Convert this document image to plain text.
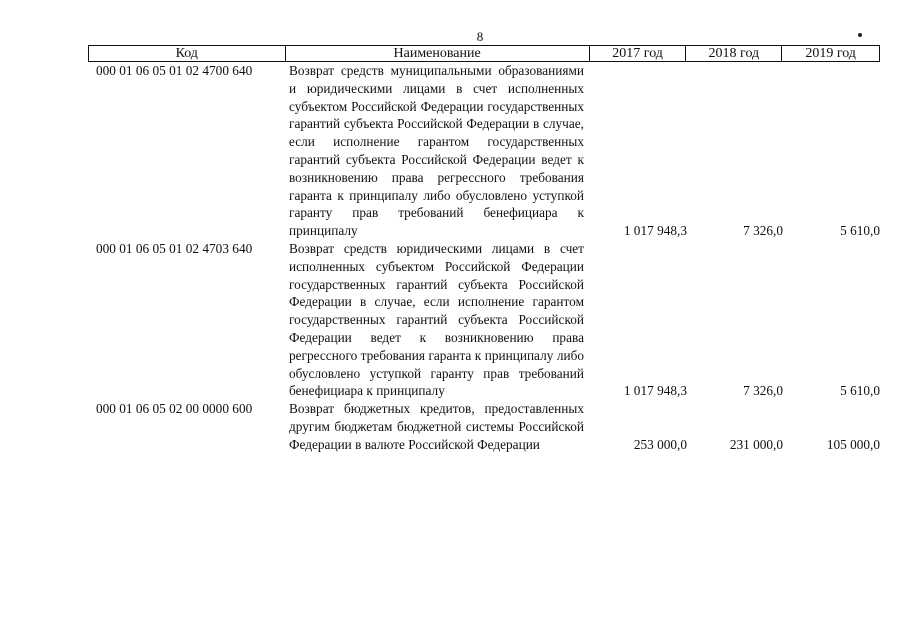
8
Код	Наименование	2017 год	2018 год	2019 год
000 01 06 05 01 02 4700 640	Возврат средств муниципальными образованиями и юридическими лицами в счет исполненных субъектом Российской Федерации государственных гарантий субъекта Российской Федерации в случае, если исполнение гарантом государственных гарантий субъекта Российской Федерации ведет к возникновению права регрессного требования гаранта к принципалу либо обусловлено уступкой гаранту прав требований бенефициара к принципалу	1 017 948,3	7 326,0	5 610,0
000 01 06 05 01 02 4703 640	Возврат средств юридическими лицами в счет исполненных субъектом Российской Федерации государственных гарантий субъекта Российской Федерации в случае, если исполнение гарантом государственных гарантий субъекта Российской Федерации ведет к возникновению права регрессного требования гаранта к принципалу либо обусловлено уступкой гаранту прав требований бенефициара к принципалу	1 017 948,3	7 326,0	5 610,0
000 01 06 05 02 00 0000 600	Возврат бюджетных кредитов, предоставленных другим бюджетам бюджетной системы Российской Федерации в валюте Российской Федерации	253 000,0	231 000,0	105 000,0
